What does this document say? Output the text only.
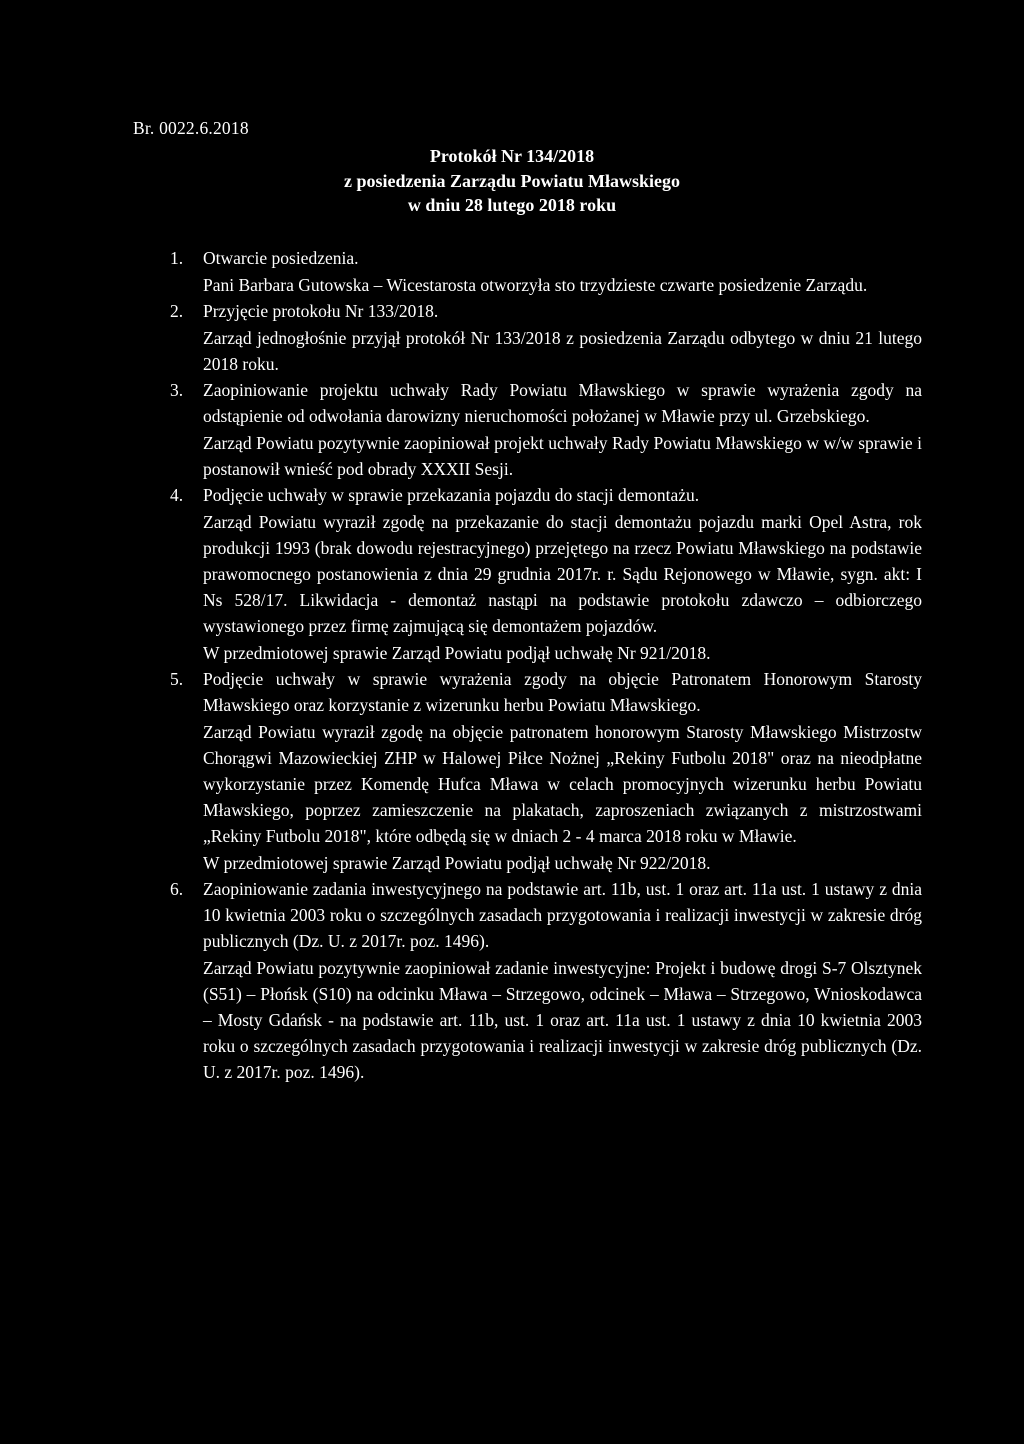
Br. 0022.6.2018
Protokół Nr 134/2018
z posiedzenia Zarządu Powiatu Mławskiego
w dniu 28 lutego 2018 roku
1.	Otwarcie posiedzenia.
Pani Barbara Gutowska – Wicestarosta otworzyła sto trzydzieste czwarte posiedzenie Zarządu.
2.	Przyjęcie protokołu Nr 133/2018.
Zarząd jednogłośnie przyjął protokół Nr 133/2018 z posiedzenia Zarządu odbytego w dniu 21 lutego 2018 roku.
3.	Zaopiniowanie projektu uchwały Rady Powiatu Mławskiego w sprawie wyrażenia zgody na odstąpienie od odwołania darowizny nieruchomości położanej w Mławie przy ul. Grzebskiego.
Zarząd Powiatu pozytywnie zaopiniował projekt uchwały Rady Powiatu Mławskiego w w/w sprawie i postanowił wnieść pod obrady XXXII Sesji.
4.	Podjęcie uchwały w sprawie przekazania pojazdu do stacji demontażu.
Zarząd Powiatu wyraził zgodę na przekazanie do stacji demontażu pojazdu marki Opel Astra, rok produkcji 1993 (brak dowodu rejestracyjnego) przejętego na rzecz Powiatu Mławskiego na podstawie prawomocnego postanowienia z dnia 29 grudnia 2017r. r. Sądu Rejonowego w Mławie, sygn. akt: I Ns 528/17. Likwidacja - demontaż nastąpi na podstawie protokołu zdawczo – odbiorczego wystawionego przez firmę zajmującą się demontażem pojazdów.
W przedmiotowej sprawie Zarząd Powiatu podjął uchwałę Nr 921/2018.
5.	Podjęcie uchwały w sprawie wyrażenia zgody na objęcie Patronatem Honorowym Starosty Mławskiego oraz korzystanie z wizerunku herbu Powiatu Mławskiego.
Zarząd Powiatu wyraził zgodę na objęcie patronatem honorowym Starosty Mławskiego Mistrzostw Chorągwi Mazowieckiej ZHP w Halowej Piłce Nożnej „Rekiny Futbolu 2018" oraz na nieodpłatne wykorzystanie przez Komendę Hufca Mława w celach promocyjnych wizerunku herbu Powiatu Mławskiego, poprzez zamieszczenie na plakatach, zaproszeniach związanych z mistrzostwami „Rekiny Futbolu 2018", które odbędą się w dniach 2 - 4 marca 2018 roku w Mławie.
W przedmiotowej sprawie Zarząd Powiatu podjął uchwałę Nr 922/2018.
6.	Zaopiniowanie zadania inwestycyjnego na podstawie art. 11b, ust. 1 oraz art. 11a ust. 1 ustawy z dnia 10 kwietnia 2003 roku o szczególnych zasadach przygotowania i realizacji inwestycji w zakresie dróg publicznych (Dz. U. z 2017r. poz. 1496).
Zarząd Powiatu pozytywnie zaopiniował zadanie inwestycyjne: Projekt i budowę drogi S-7 Olsztynek (S51) – Płońsk (S10) na odcinku Mława – Strzegowo, odcinek – Mława – Strzegowo, Wnioskodawca – Mosty Gdańsk - na podstawie art. 11b, ust. 1 oraz art. 11a ust. 1 ustawy z dnia 10 kwietnia 2003 roku o szczególnych zasadach przygotowania i realizacji inwestycji w zakresie dróg publicznych (Dz. U. z 2017r. poz. 1496).
